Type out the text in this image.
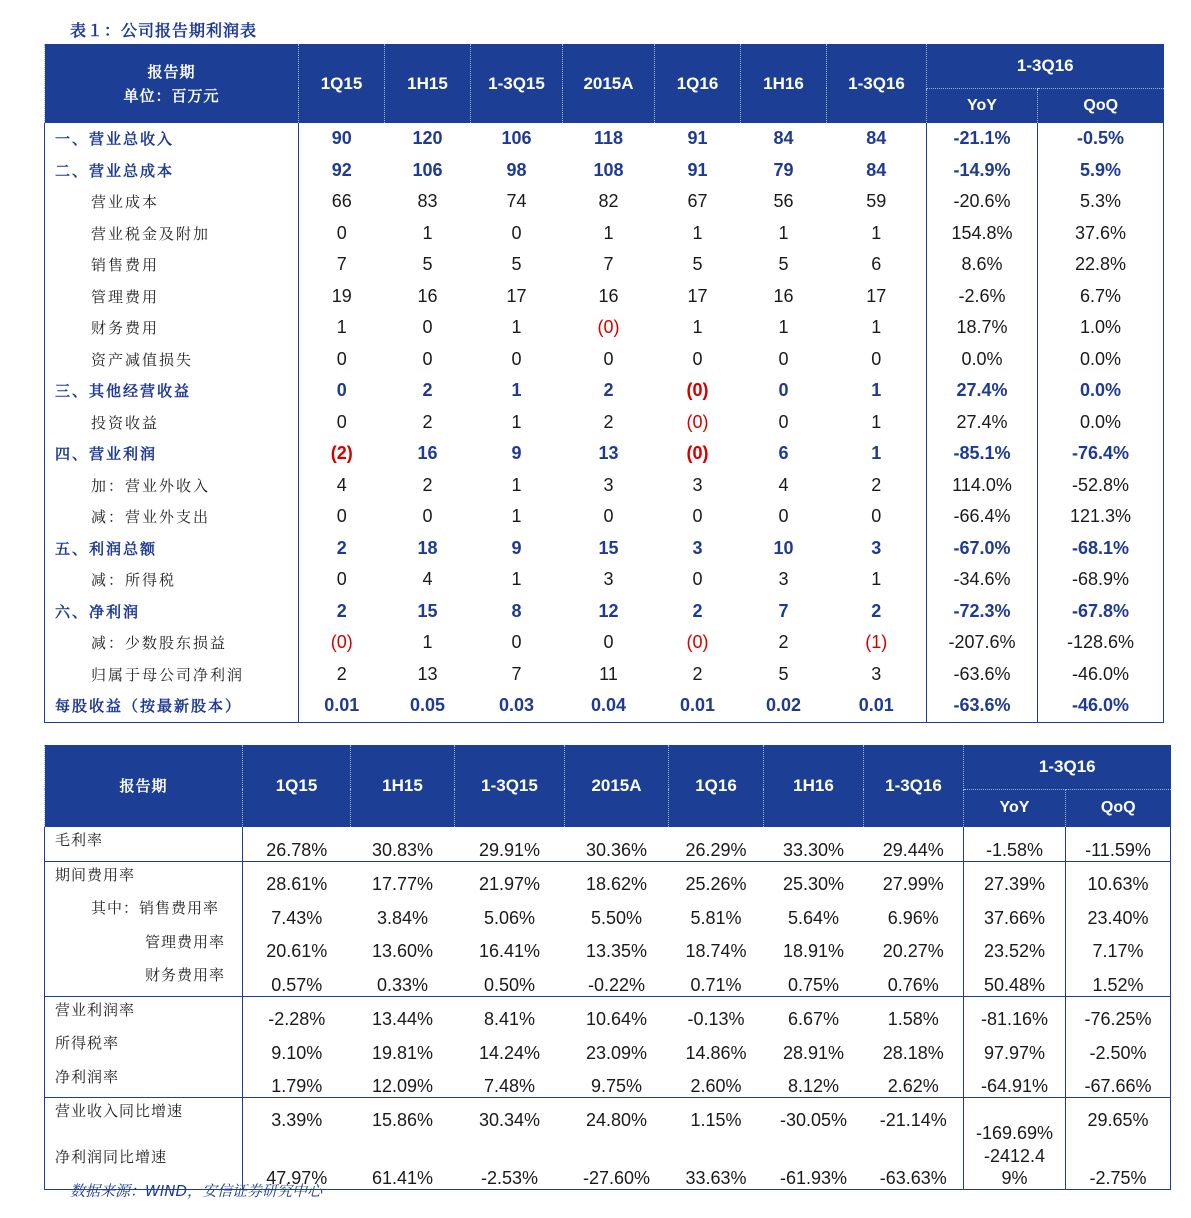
表１：公司报告期利润表
报告期
单位：百万元	1Q15	1H15	1-3Q15	2015A	1Q16	1H16	1-3Q16	1-3Q16	
								YoY	QoQ
一、营业总收入	90	120	106	118	91	84	84	-21.1%	-0.5%
二、营业总成本	92	106	98	108	91	79	84	-14.9%	5.9%
营业成本	66	83	74	82	67	56	59	-20.6%	5.3%
营业税金及附加	0	1	0	1	1	1	1	154.8%	37.6%
销售费用	7	5	5	7	5	5	6	8.6%	22.8%
管理费用	19	16	17	16	17	16	17	-2.6%	6.7%
财务费用	1	0	1	(0)	1	1	1	18.7%	1.0%
资产减值损失	0	0	0	0	0	0	0	0.0%	0.0%
三、其他经营收益	0	2	1	2	(0)	0	1	27.4%	0.0%
投资收益	0	2	1	2	(0)	0	1	27.4%	0.0%
四、营业利润	(2)	16	9	13	(0)	6	1	-85.1%	-76.4%
加：营业外收入	4	2	1	3	3	4	2	114.0%	-52.8%
减：营业外支出	0	0	1	0	0	0	0	-66.4%	121.3%
五、利润总额	2	18	9	15	3	10	3	-67.0%	-68.1%
减：所得税	0	4	1	3	0	3	1	-34.6%	-68.9%
六、净利润	2	15	8	12	2	7	2	-72.3%	-67.8%
减：少数股东损益	(0)	1	0	0	(0)	2	(1)	-207.6%	-128.6%
归属于母公司净利润	2	13	7	11	2	5	3	-63.6%	-46.0%
每股收益（按最新股本）	0.01	0.05	0.03	0.04	0.01	0.02	0.01	-63.6%	-46.0%
报告期	1Q15	1H15	1-3Q15	2015A	1Q16	1H16	1-3Q16	1-3Q16	
								YoY	QoQ
毛利率	26.78%	30.83%	29.91%	30.36%	26.29%	33.30%	29.44%	-1.58%	-11.59%
期间费用率	28.61%	17.77%	21.97%	18.62%	25.26%	25.30%	27.99%	27.39%	10.63%
其中：销售费用率	7.43%	3.84%	5.06%	5.50%	5.81%	5.64%	6.96%	37.66%	23.40%
管理费用率	20.61%	13.60%	16.41%	13.35%	18.74%	18.91%	20.27%	23.52%	7.17%
财务费用率	0.57%	0.33%	0.50%	-0.22%	0.71%	0.75%	0.76%	50.48%	1.52%
营业利润率	-2.28%	13.44%	8.41%	10.64%	-0.13%	6.67%	1.58%	-81.16%	-76.25%
所得税率	9.10%	19.81%	14.24%	23.09%	14.86%	28.91%	28.18%	97.97%	-2.50%
净利润率	1.79%	12.09%	7.48%	9.75%	2.60%	8.12%	2.62%	-64.91%	-67.66%
营业收入同比增速	3.39%	15.86%	30.34%	24.80%	1.15%	-30.05%	-21.14%	-169.69%	29.65%
净利润同比增速	47.97%	61.41%	-2.53%	-27.60%	33.63%	-61.93%	-63.63%	-2412.49%	-2.75%
数据来源：WIND，安信证券研究中心
